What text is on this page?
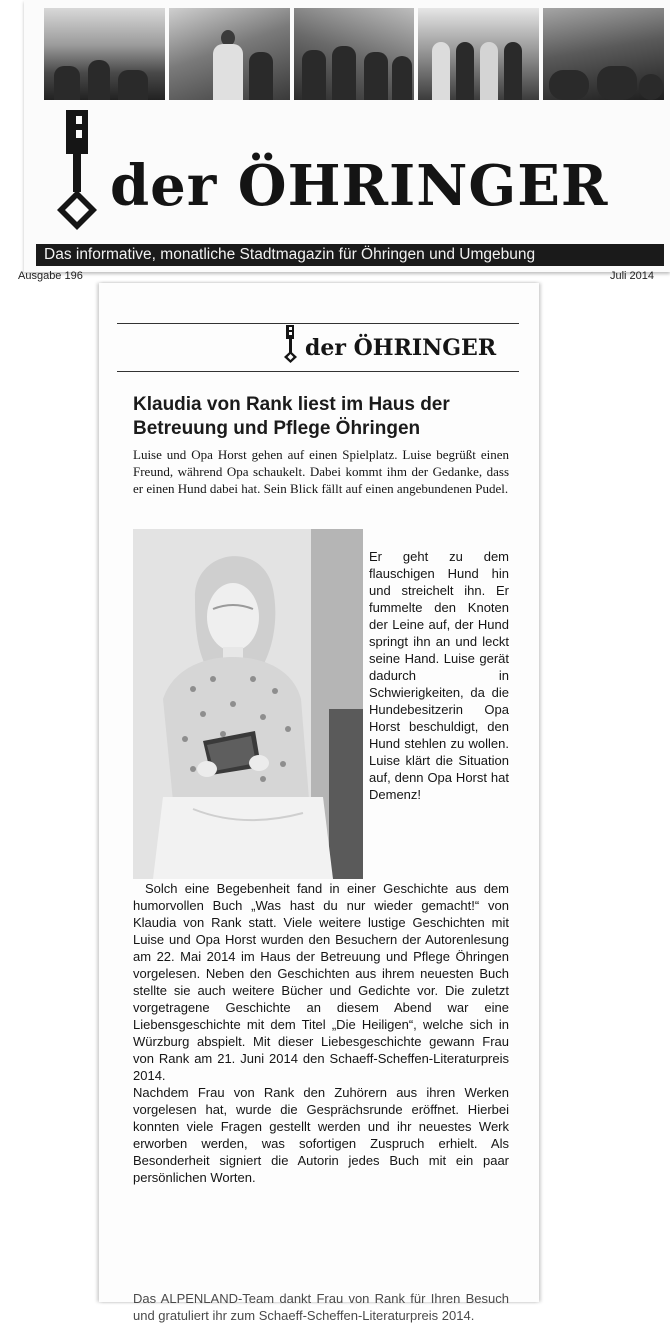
der ÖHRINGER
Das informative, monatliche Stadtmagazin für Öhringen und Umgebung
Ausgabe 196	Juli 2014
der ÖHRINGER
Klaudia von Rank liest im Haus der Betreuung und Pflege Öhringen

Luise und Opa Horst gehen auf einen Spielplatz. Luise begrüßt einen Freund, während Opa schaukelt. Dabei kommt ihm der Gedanke, dass er einen Hund dabei hat. Sein Blick fällt auf einen angebundenen Pudel.

Er geht zu dem flauschigen Hund hin und streichelt ihn. Er fummelte den Knoten der Leine auf, der Hund springt ihn an und leckt seine Hand. Luise gerät dadurch in Schwierigkeiten, da die Hundebesitzerin Opa Horst beschuldigt, den Hund stehlen zu wollen. Luise klärt die Situation auf, denn Opa Horst hat Demenz!

Solch eine Begebenheit fand in einer Geschichte aus dem humorvollen Buch „Was hast du nur wieder gemacht!“ von Klaudia von Rank statt. Viele weitere lustige Geschichten mit Luise und Opa Horst wurden den Besuchern der Autorenlesung am 22. Mai 2014 im Haus der Betreuung und Pflege Öhringen vorgelesen. Neben den Geschichten aus ihrem neuesten Buch stellte sie auch weitere Bücher und Gedichte vor. Die zuletzt vorgetragene Geschichte an diesem Abend war eine Liebensgeschichte mit dem Titel „Die Heiligen“, welche sich in Würzburg abspielt. Mit dieser Liebesgeschichte gewann Frau von Rank am 21. Juni 2014 den Schaeff-Scheffen-Literaturpreis 2014.

Nachdem Frau von Rank den Zuhörern aus ihren Werken vorgelesen hat, wurde die Gesprächsrunde eröffnet. Hierbei konnten viele Fragen gestellt werden und ihr neuestes Werk erworben werden, was sofortigen Zuspruch erhielt. Als Besonderheit signiert die Autorin jedes Buch mit ein paar persönlichen Worten.

Das ALPENLAND-Team dankt Frau von Rank für Ihren Besuch und gratuliert ihr zum Schaeff-Scheffen-Literaturpreis 2014.
